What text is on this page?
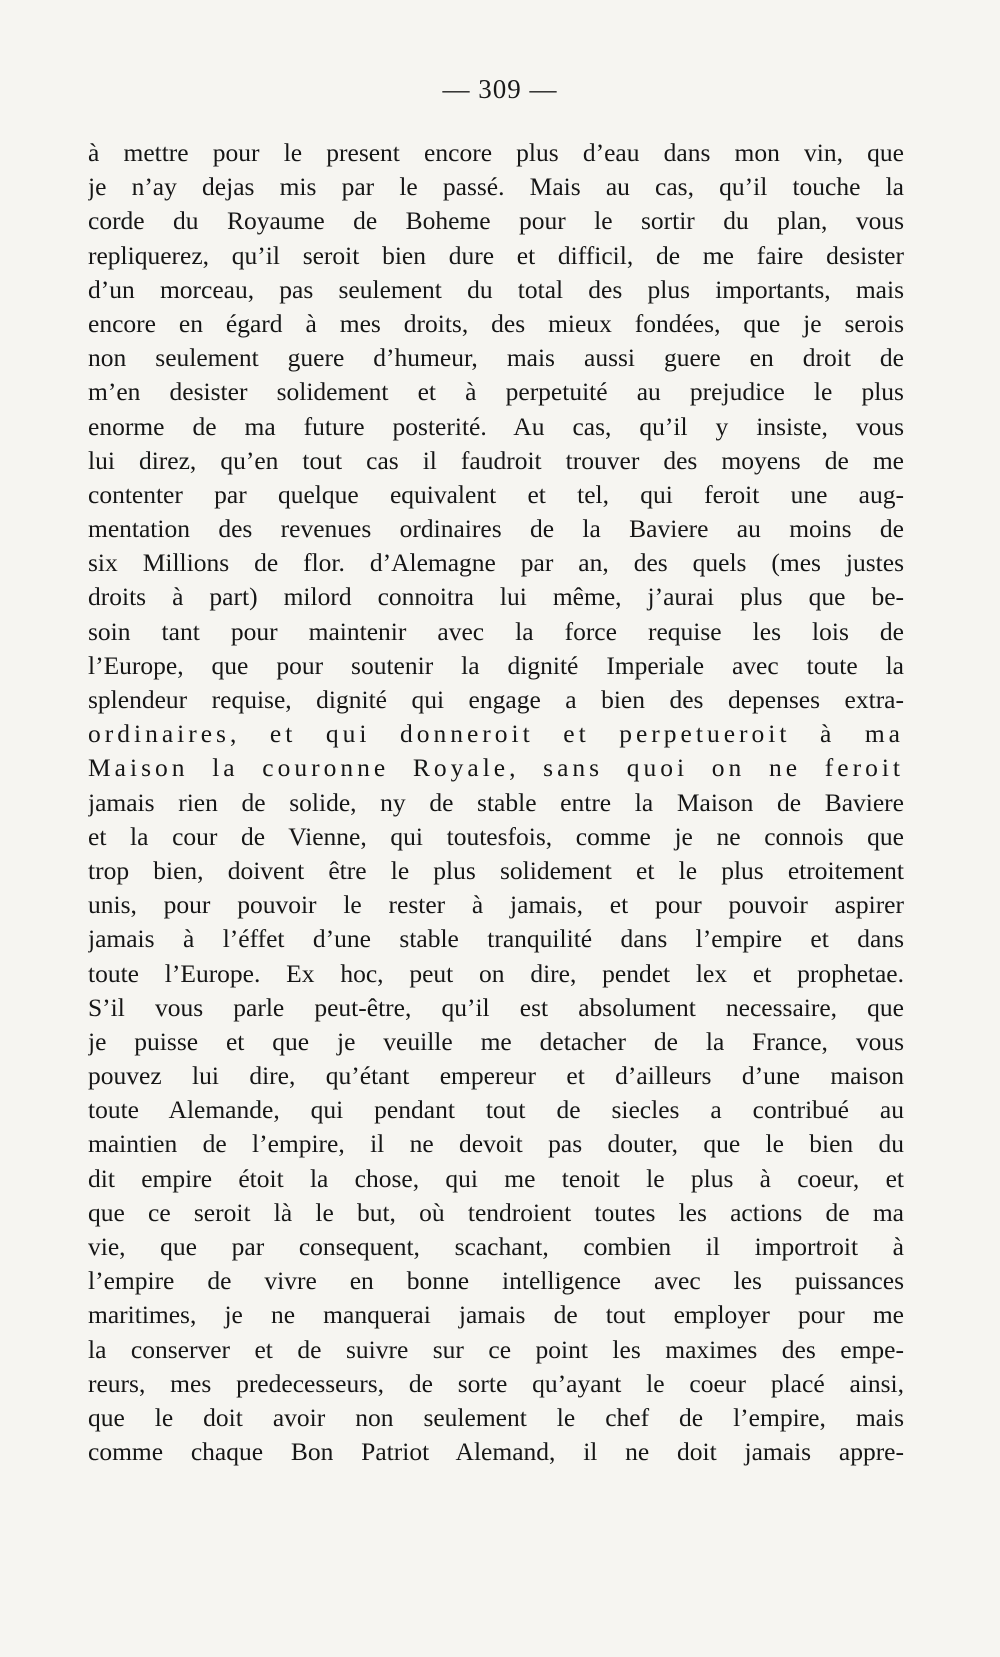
— 309 —
à mettre pour le present encore plus d’eau dans mon vin, que
je n’ay dejas mis par le passé. Mais au cas, qu’il touche la
corde du Royaume de Boheme pour le sortir du plan, vous
repliquerez, qu’il seroit bien dure et difficil, de me faire desister
d’un morceau, pas seulement du total des plus importants, mais
encore en égard à mes droits, des mieux fondées, que je serois
non seulement guere d’humeur, mais aussi guere en droit de
m’en desister solidement et à perpetuité au prejudice le plus
enorme de ma future posterité. Au cas, qu’il y insiste, vous
lui direz, qu’en tout cas il faudroit trouver des moyens de me
contenter par quelque equivalent et tel, qui feroit une aug-
mentation des revenues ordinaires de la Baviere au moins de
six Millions de flor. d’Alemagne par an, des quels (mes justes
droits à part) milord connoitra lui même, j’aurai plus que be-
soin tant pour maintenir avec la force requise les lois de
l’Europe, que pour soutenir la dignité Imperiale avec toute la
splendeur requise, dignité qui engage a bien des depenses extra-
ordinaires, et qui donneroit et perpetueroit à ma
Maison la couronne Royale, sans quoi on ne feroit
jamais rien de solide, ny de stable entre la Maison de Baviere
et la cour de Vienne, qui toutesfois, comme je ne connois que
trop bien, doivent être le plus solidement et le plus etroitement
unis, pour pouvoir le rester à jamais, et pour pouvoir aspirer
jamais à l’éffet d’une stable tranquilité dans l’empire et dans
toute l’Europe. Ex hoc, peut on dire, pendet lex et prophetae.
S’il vous parle peut-être, qu’il est absolument necessaire, que
je puisse et que je veuille me detacher de la France, vous
pouvez lui dire, qu’étant empereur et d’ailleurs d’une maison
toute Alemande, qui pendant tout de siecles a contribué au
maintien de l’empire, il ne devoit pas douter, que le bien du
dit empire étoit la chose, qui me tenoit le plus à coeur, et
que ce seroit là le but, où tendroient toutes les actions de ma
vie, que par consequent, scachant, combien il importroit à
l’empire de vivre en bonne intelligence avec les puissances
maritimes, je ne manquerai jamais de tout employer pour me
la conserver et de suivre sur ce point les maximes des empe-
reurs, mes predecesseurs, de sorte qu’ayant le coeur placé ainsi,
que le doit avoir non seulement le chef de l’empire, mais
comme chaque Bon Patriot Alemand, il ne doit jamais appre-
